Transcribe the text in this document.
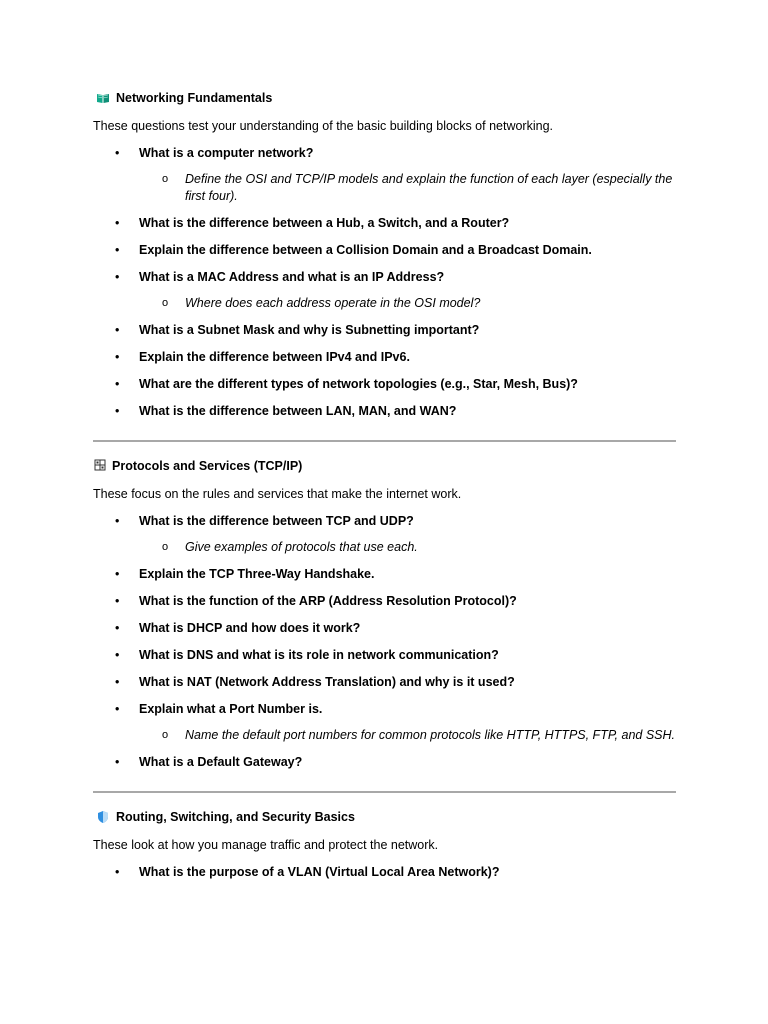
Networking Fundamentals
These questions test your understanding of the basic building blocks of networking.
• What is a computer network?
o Define the OSI and TCP/IP models and explain the function of each layer (especially the first four).
• What is the difference between a Hub, a Switch, and a Router?
• Explain the difference between a Collision Domain and a Broadcast Domain.
• What is a MAC Address and what is an IP Address?
o Where does each address operate in the OSI model?
• What is a Subnet Mask and why is Subnetting important?
• Explain the difference between IPv4 and IPv6.
• What are the different types of network topologies (e.g., Star, Mesh, Bus)?
• What is the difference between LAN, MAN, and WAN?
Protocols and Services (TCP/IP)
These focus on the rules and services that make the internet work.
• What is the difference between TCP and UDP?
o Give examples of protocols that use each.
• Explain the TCP Three-Way Handshake.
• What is the function of the ARP (Address Resolution Protocol)?
• What is DHCP and how does it work?
• What is DNS and what is its role in network communication?
• What is NAT (Network Address Translation) and why is it used?
• Explain what a Port Number is.
o Name the default port numbers for common protocols like HTTP, HTTPS, FTP, and SSH.
• What is a Default Gateway?
Routing, Switching, and Security Basics
These look at how you manage traffic and protect the network.
• What is the purpose of a VLAN (Virtual Local Area Network)?
